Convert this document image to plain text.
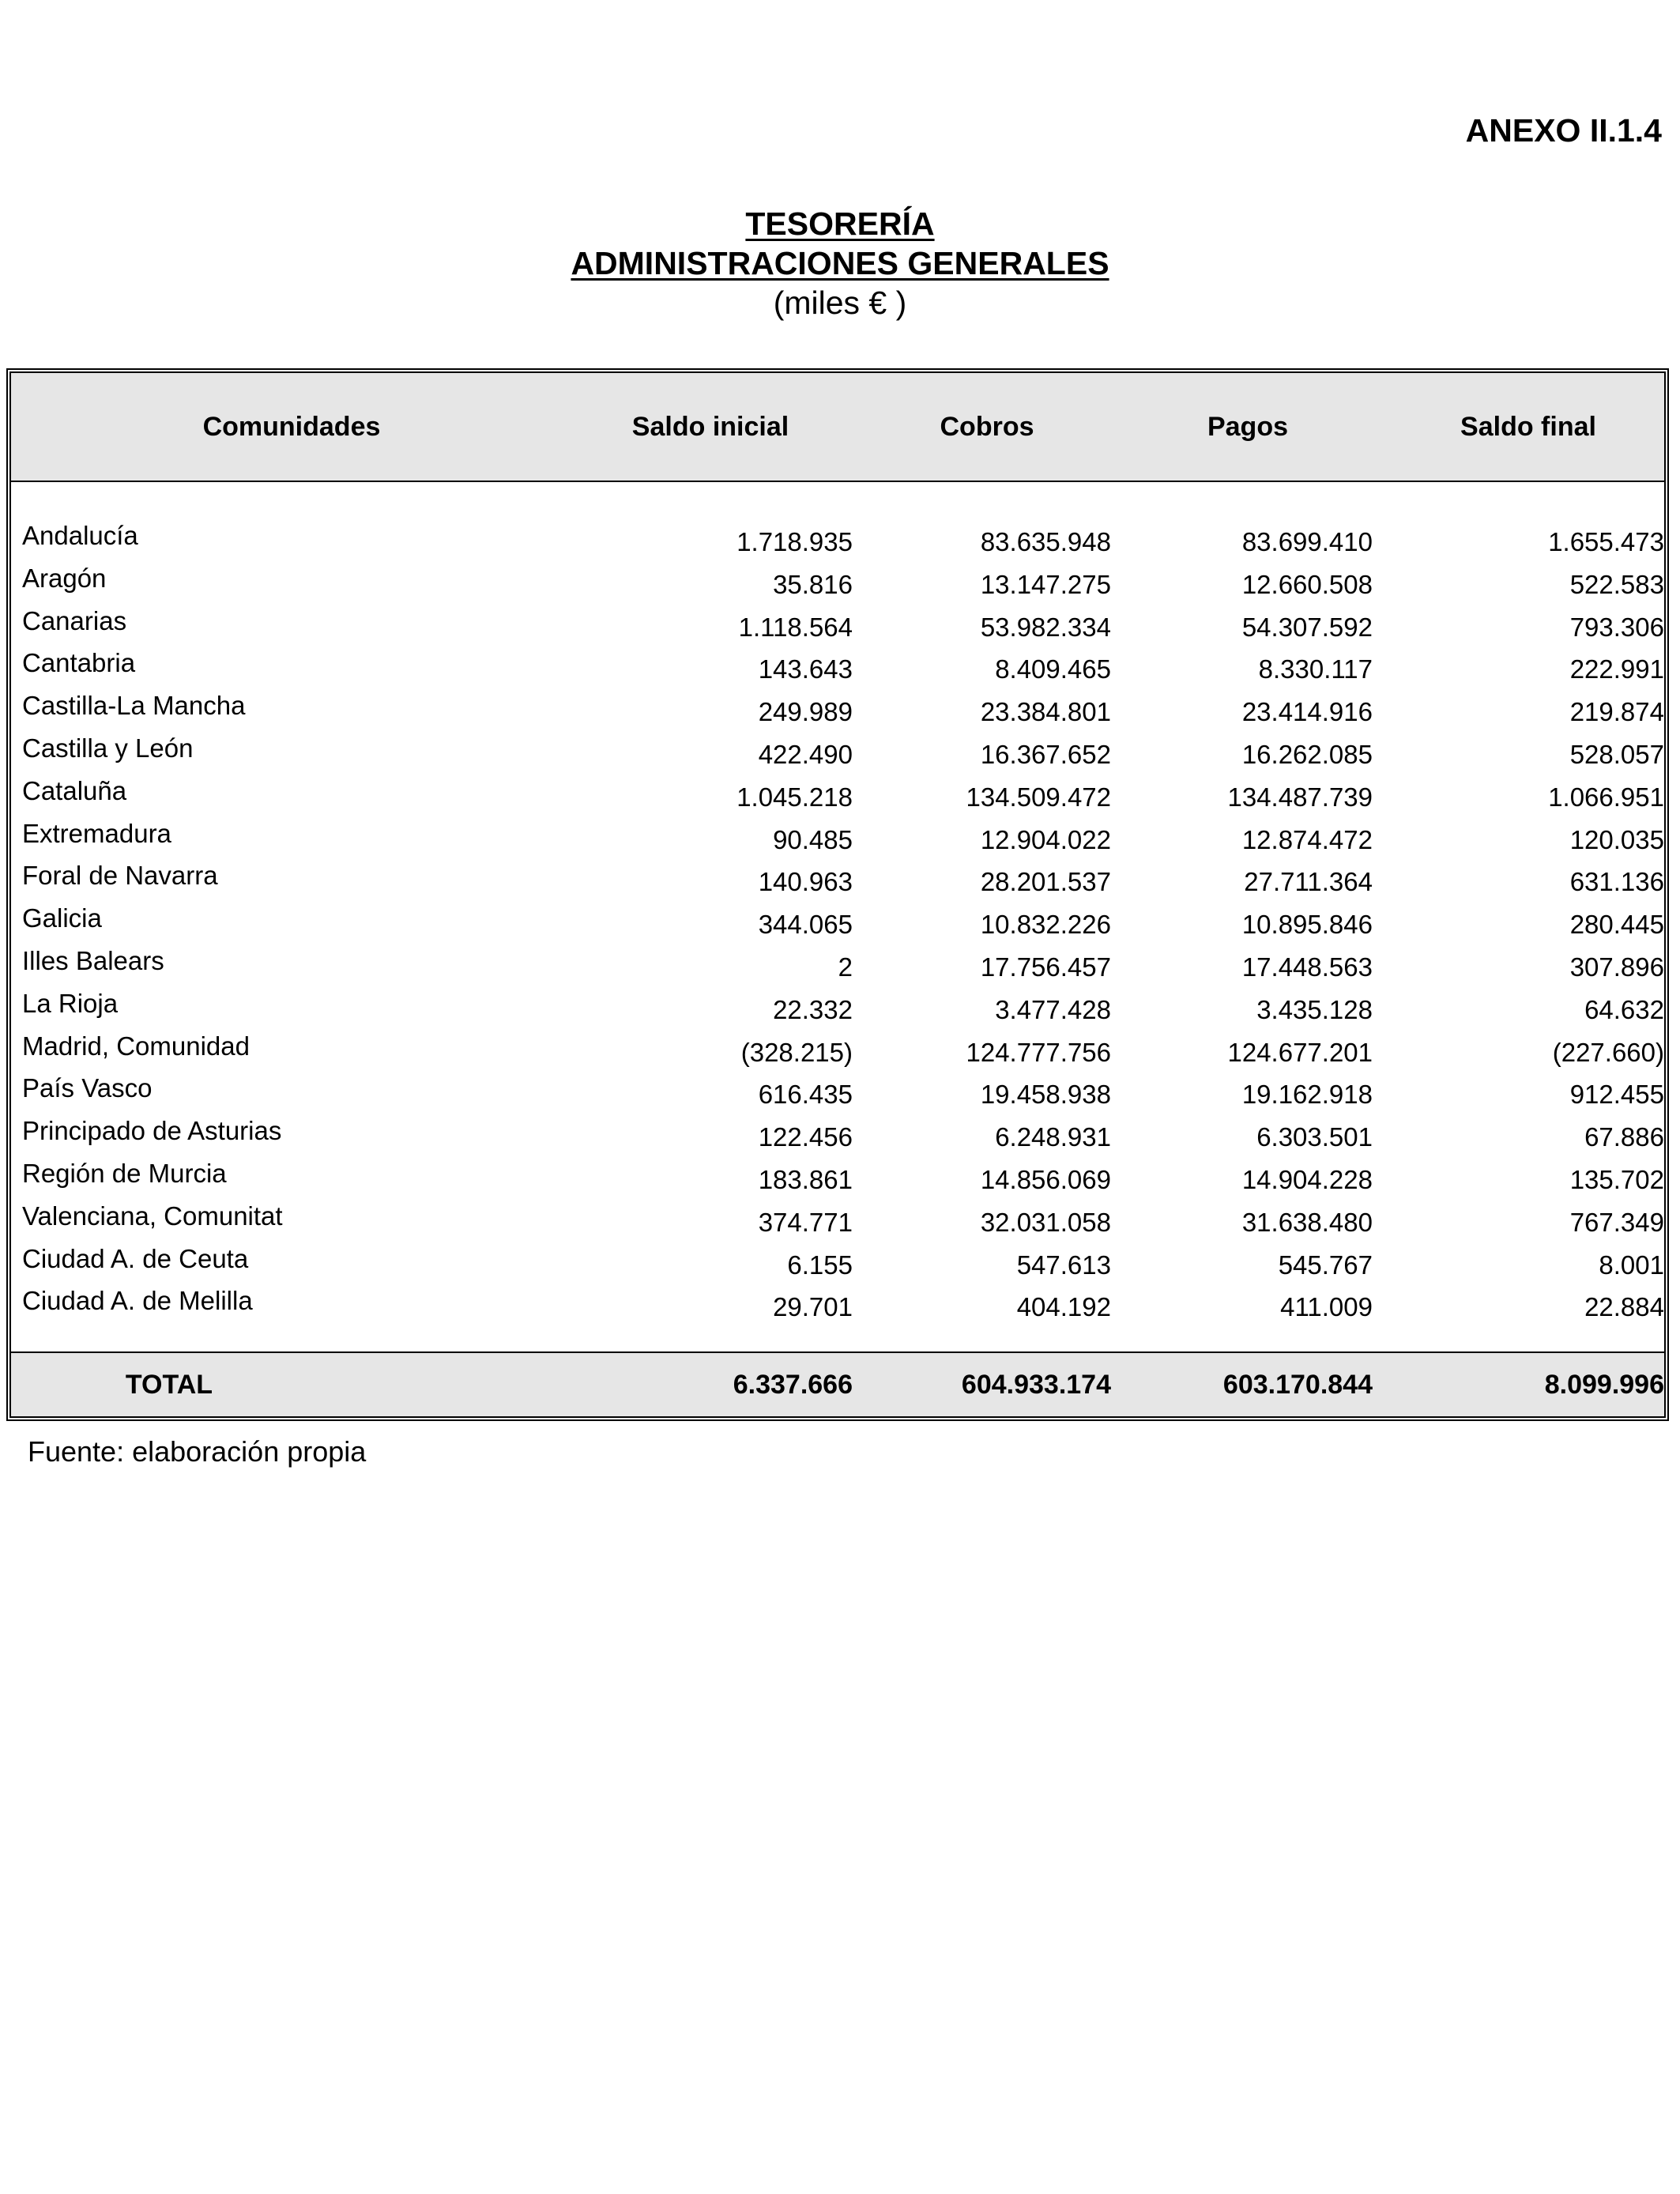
ANEXO II.1.4
TESORERÍA
ADMINISTRACIONES GENERALES
(miles € )
Comunidades	Saldo inicial	Cobros	Pagos	Saldo final
Andalucía	1.718.935	83.635.948	83.699.410	1.655.473
Aragón	35.816	13.147.275	12.660.508	522.583
Canarias	1.118.564	53.982.334	54.307.592	793.306
Cantabria	143.643	8.409.465	8.330.117	222.991
Castilla-La Mancha	249.989	23.384.801	23.414.916	219.874
Castilla y León	422.490	16.367.652	16.262.085	528.057
Cataluña	1.045.218	134.509.472	134.487.739	1.066.951
Extremadura	90.485	12.904.022	12.874.472	120.035
Foral de Navarra	140.963	28.201.537	27.711.364	631.136
Galicia	344.065	10.832.226	10.895.846	280.445
Illes Balears	2	17.756.457	17.448.563	307.896
La Rioja	22.332	3.477.428	3.435.128	64.632
Madrid, Comunidad	(328.215)	124.777.756	124.677.201	(227.660)
País Vasco	616.435	19.458.938	19.162.918	912.455
Principado de Asturias	122.456	6.248.931	6.303.501	67.886
Región de Murcia	183.861	14.856.069	14.904.228	135.702
Valenciana, Comunitat	374.771	32.031.058	31.638.480	767.349
Ciudad A. de Ceuta	6.155	547.613	545.767	8.001
Ciudad A. de Melilla	29.701	404.192	411.009	22.884
TOTAL	6.337.666	604.933.174	603.170.844	8.099.996
Fuente: elaboración propia
